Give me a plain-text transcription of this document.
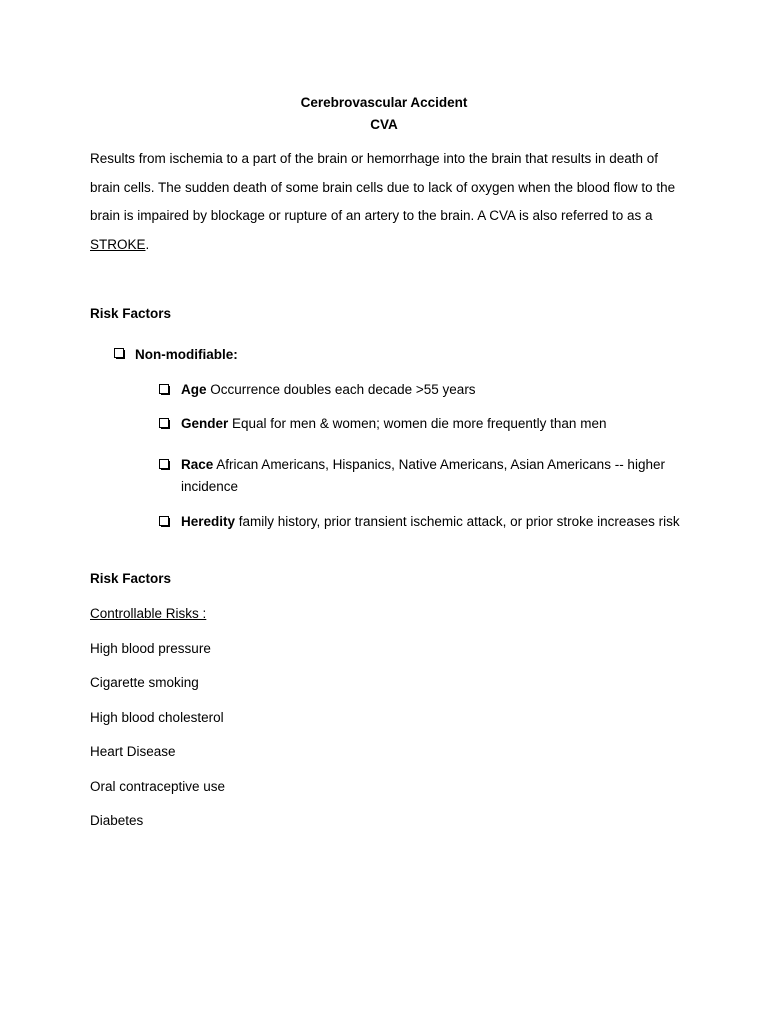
Cerebrovascular Accident

CVA

Results from ischemia to a part of the brain or hemorrhage into the brain that results in death of brain cells. The sudden death of some brain cells due to lack of oxygen when the blood flow to the brain is impaired by blockage or rupture of an artery to the brain. A CVA is also referred to as a STROKE.

Risk Factors

Non-modifiable:

Age Occurrence doubles each decade >55 years

Gender Equal for men & women; women die more frequently than men

Race African Americans, Hispanics, Native Americans, Asian Americans -- higher incidence

Heredity family history, prior transient ischemic attack, or prior stroke increases risk

Risk Factors

Controllable Risks :

High blood pressure

Cigarette smoking

High blood cholesterol

Heart Disease

Oral contraceptive use

Diabetes
